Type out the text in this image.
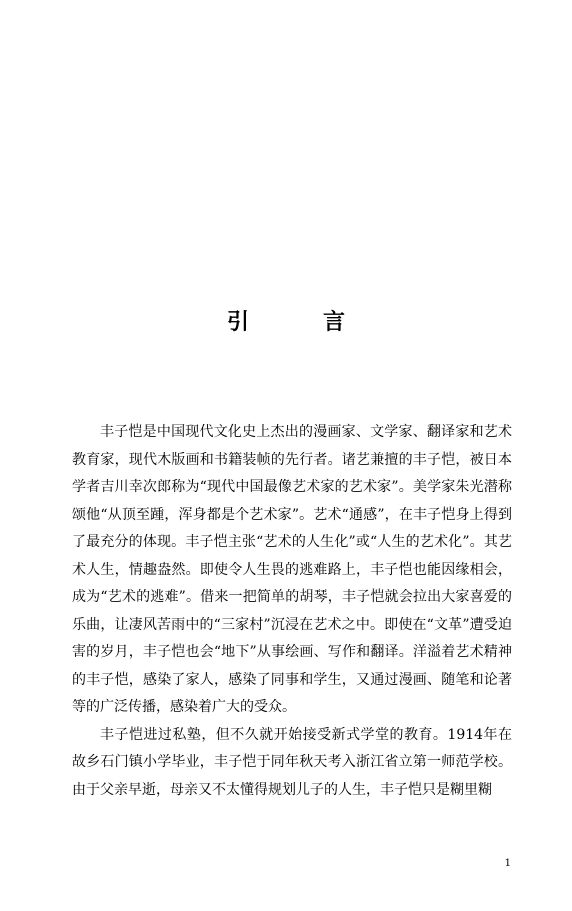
引　言

丰子恺是中国现代文化史上杰出的漫画家、文学家、翻译家和艺术教育家，现代木版画和书籍装帧的先行者。诸艺兼擅的丰子恺，被日本学者吉川幸次郎称为“现代中国最像艺术家的艺术家”。美学家朱光潜称颂他“从顶至踵，浑身都是个艺术家”。艺术“通感”，在丰子恺身上得到了最充分的体现。丰子恺主张“艺术的人生化”或“人生的艺术化”。其艺术人生，情趣盎然。即使令人生畏的逃难路上，丰子恺也能因缘相会，成为“艺术的逃难”。借来一把简单的胡琴，丰子恺就会拉出大家喜爱的乐曲，让凄风苦雨中的“三家村”沉浸在艺术之中。即使在“文革”遭受迫害的岁月，丰子恺也会“地下”从事绘画、写作和翻译。洋溢着艺术精神的丰子恺，感染了家人，感染了同事和学生，又通过漫画、随笔和论著等的广泛传播，感染着广大的受众。

丰子恺进过私塾，但不久就开始接受新式学堂的教育。1914年在故乡石门镇小学毕业，丰子恺于同年秋天考入浙江省立第一师范学校。由于父亲早逝，母亲又不太懂得规划儿子的人生，丰子恺只是糊里糊

1
